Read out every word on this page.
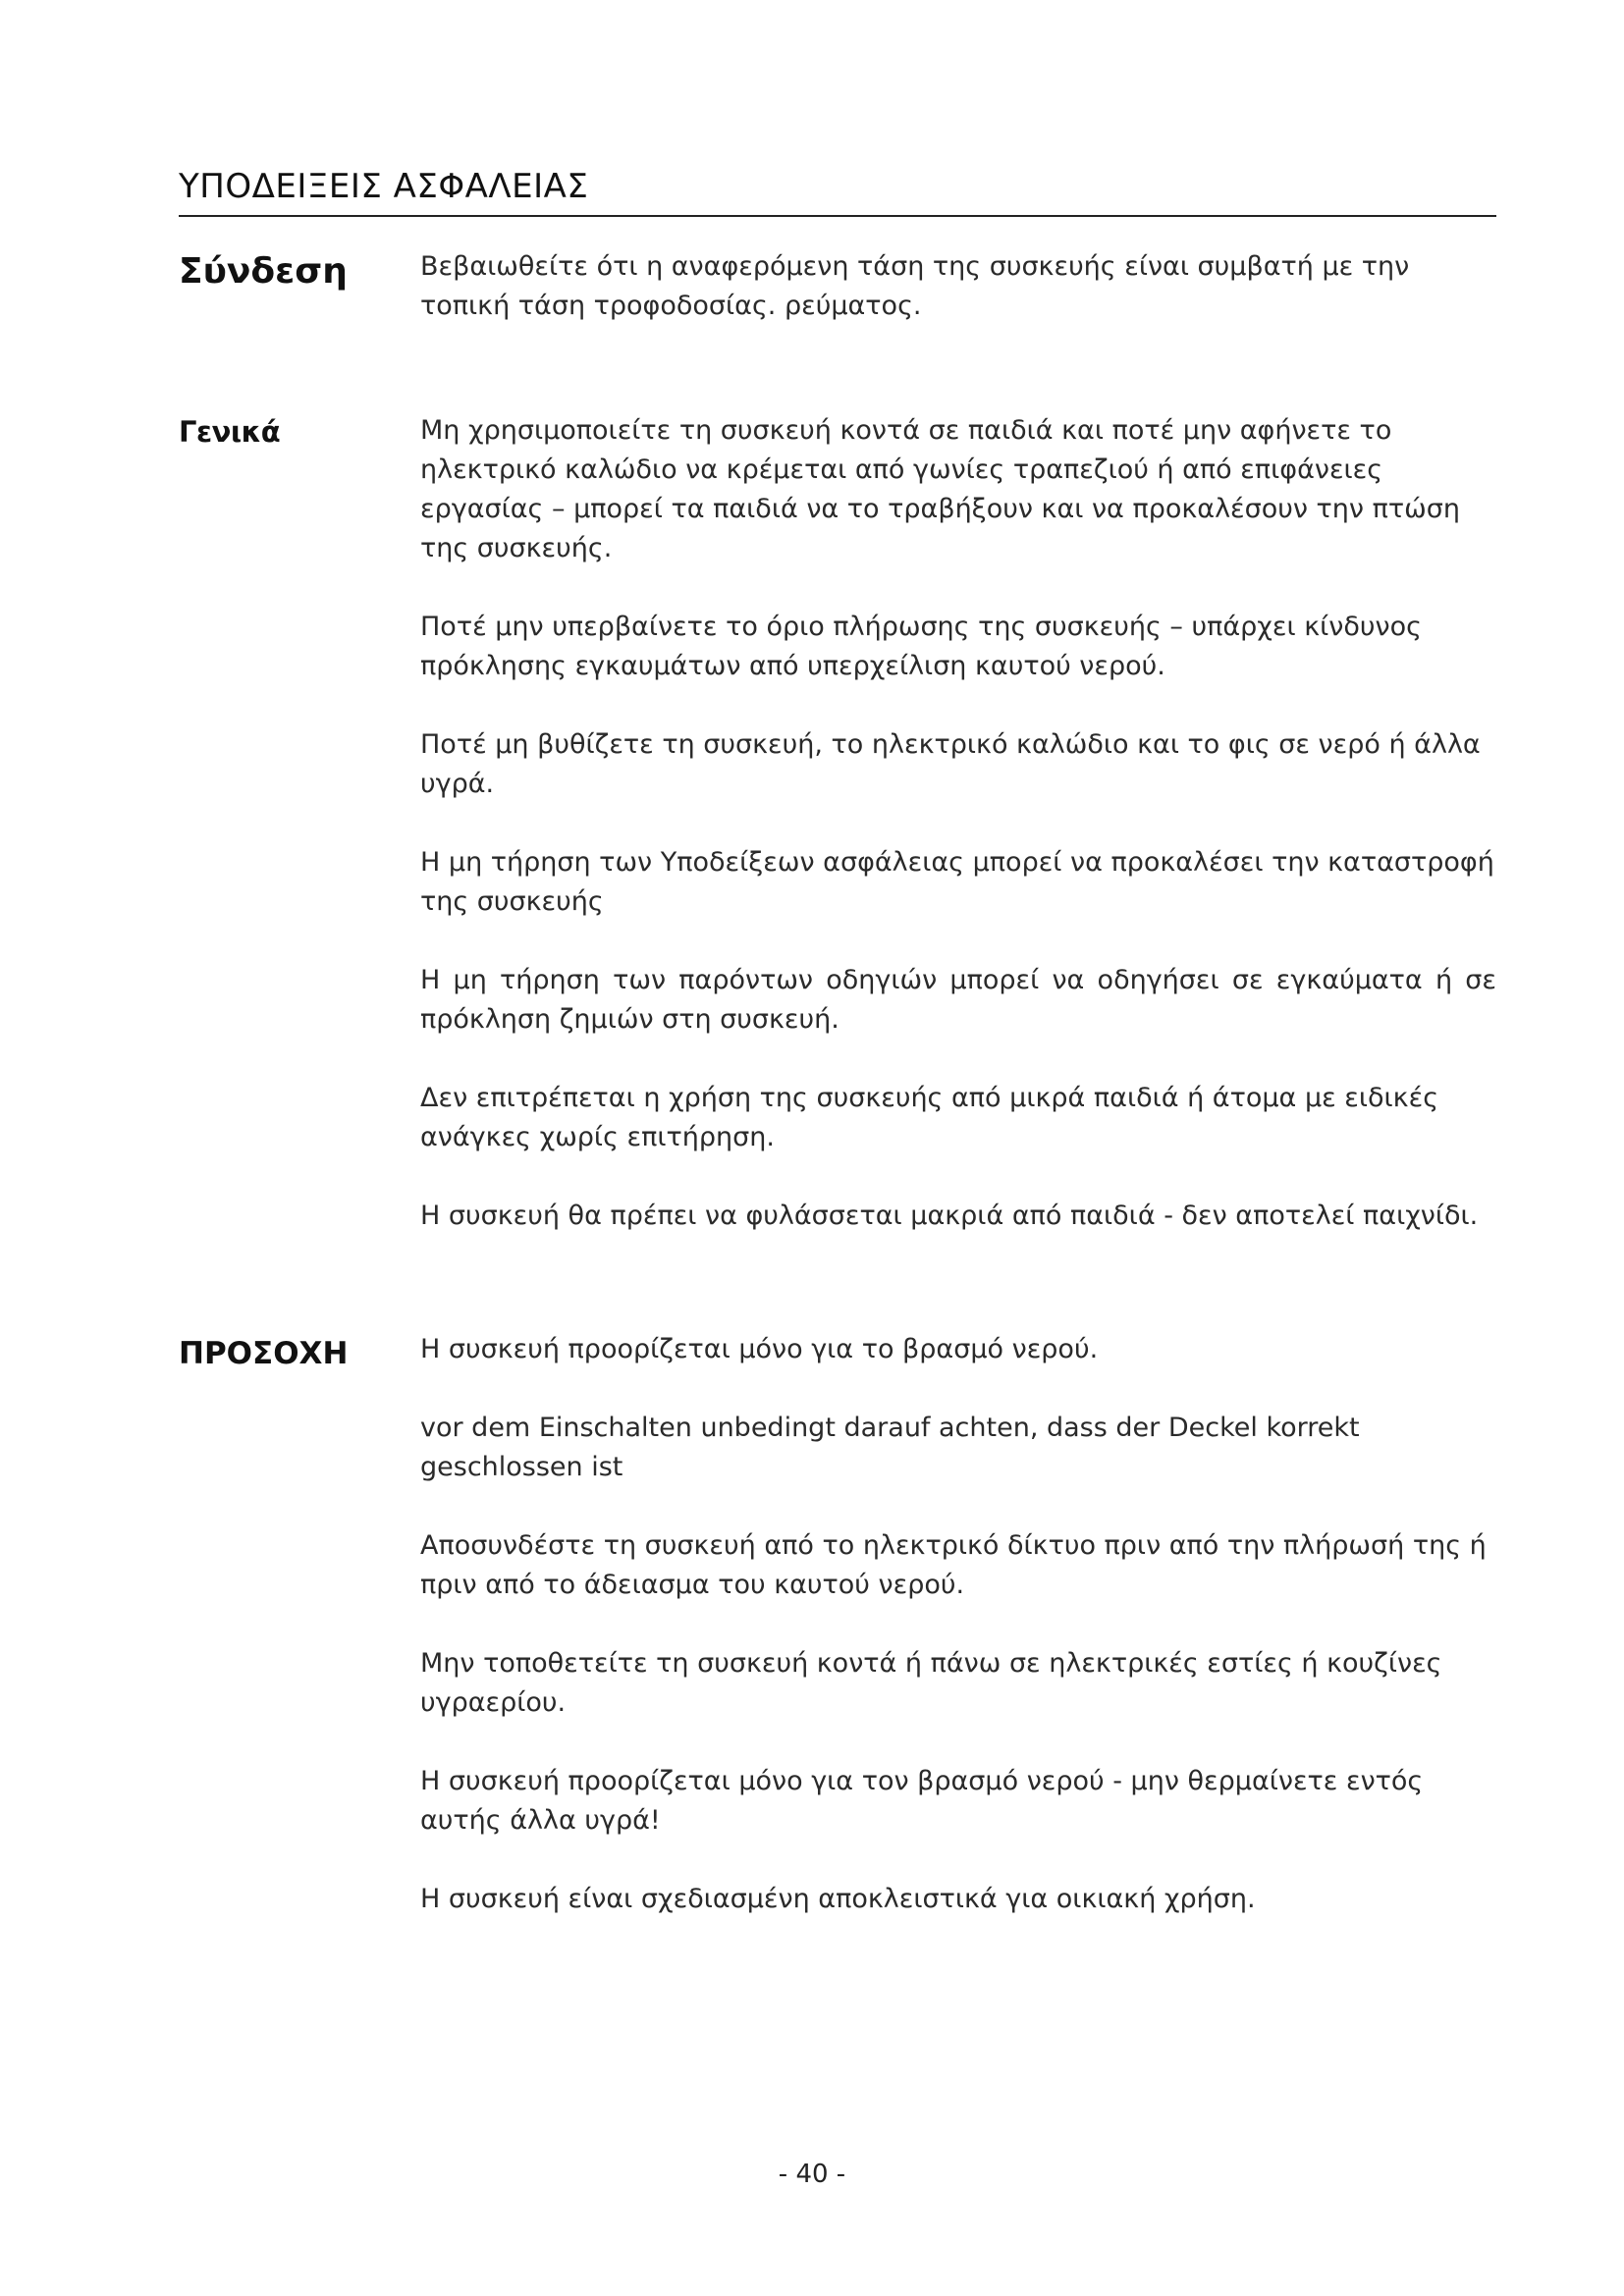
ΥΠΟΔΕΙΞΕΙΣ ΑΣΦΑΛΕΙΑΣ
Σύνδεση	Βεβαιωθείτε ότι η αναφερόμενη τάση της συσκευής είναι συμβατή με την τοπική τάση τροφοδοσίας. ρεύματος.

Γενικά	Μη χρησιμοποιείτε τη συσκευή κοντά σε παιδιά και ποτέ μην αφήνετε το ηλεκτρικό καλώδιο να κρέμεται από γωνίες τραπεζιού ή από επιφάνειες εργασίας – μπορεί τα παιδιά να το τραβήξουν και να προκαλέσουν την πτώση της συσκευής.

Ποτέ μην υπερβαίνετε το όριο πλήρωσης της συσκευής – υπάρχει κίνδυνος πρόκλησης εγκαυμάτων από υπερχείλιση καυτού νερού.

Ποτέ μη βυθίζετε τη συσκευή, το ηλεκτρικό καλώδιο και το φις σε νερό ή άλλα υγρά.

Η μη τήρηση των Υποδείξεων ασφάλειας μπορεί να προκαλέσει την καταστροφή της συσκευής

Η μη τήρηση των παρόντων οδηγιών μπορεί να οδηγήσει σε εγκαύματα ή σε πρόκληση ζημιών στη συσκευή.

Δεν επιτρέπεται η χρήση της συσκευής από μικρά παιδιά ή άτομα με ειδικές ανάγκες χωρίς επιτήρηση.

Η συσκευή θα πρέπει να φυλάσσεται μακριά από παιδιά - δεν αποτελεί παιχνίδι.

ΠΡΟΣΟΧΗ	Η συσκευή προορίζεται μόνο για το βρασμό νερού.

vor dem Einschalten unbedingt darauf achten, dass der Deckel korrekt geschlossen ist

Αποσυνδέστε τη συσκευή από το ηλεκτρικό δίκτυο πριν από την πλήρωσή της ή πριν από το άδειασμα του καυτού νερού.

Μην τοποθετείτε τη συσκευή κοντά ή πάνω σε ηλεκτρικές εστίες ή κουζίνες υγραερίου.

Η συσκευή προορίζεται μόνο για τον βρασμό νερού - μην θερμαίνετε εντός αυτής άλλα υγρά!

Η συσκευή είναι σχεδιασμένη αποκλειστικά για οικιακή χρήση.

- 40 -
